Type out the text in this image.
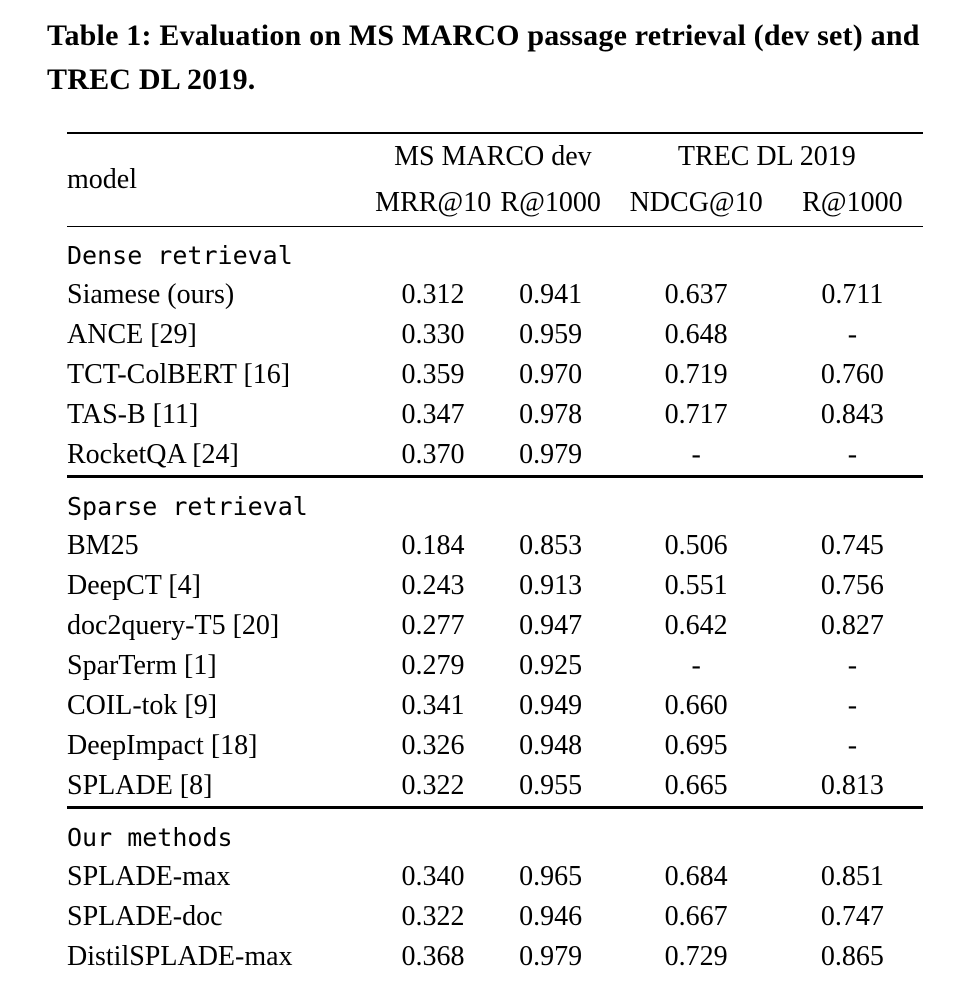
Table 1: Evaluation on MS MARCO passage retrieval (dev set) and TREC DL 2019.
model	MS MARCO dev		TREC DL 2019	
	MRR@10	R@1000	NDCG@10	R@1000
Dense retrieval				
Siamese (ours)	0.312	0.941	0.637	0.711
ANCE [29]	0.330	0.959	0.648	-
TCT-ColBERT [16]	0.359	0.970	0.719	0.760
TAS-B [11]	0.347	0.978	0.717	0.843
RocketQA [24]	0.370	0.979	-	-
Sparse retrieval				
BM25	0.184	0.853	0.506	0.745
DeepCT [4]	0.243	0.913	0.551	0.756
doc2query-T5 [20]	0.277	0.947	0.642	0.827
SparTerm [1]	0.279	0.925	-	-
COIL-tok [9]	0.341	0.949	0.660	-
DeepImpact [18]	0.326	0.948	0.695	-
SPLADE [8]	0.322	0.955	0.665	0.813
Our methods				
SPLADE-max	0.340	0.965	0.684	0.851
SPLADE-doc	0.322	0.946	0.667	0.747
DistilSPLADE-max	0.368	0.979	0.729	0.865
